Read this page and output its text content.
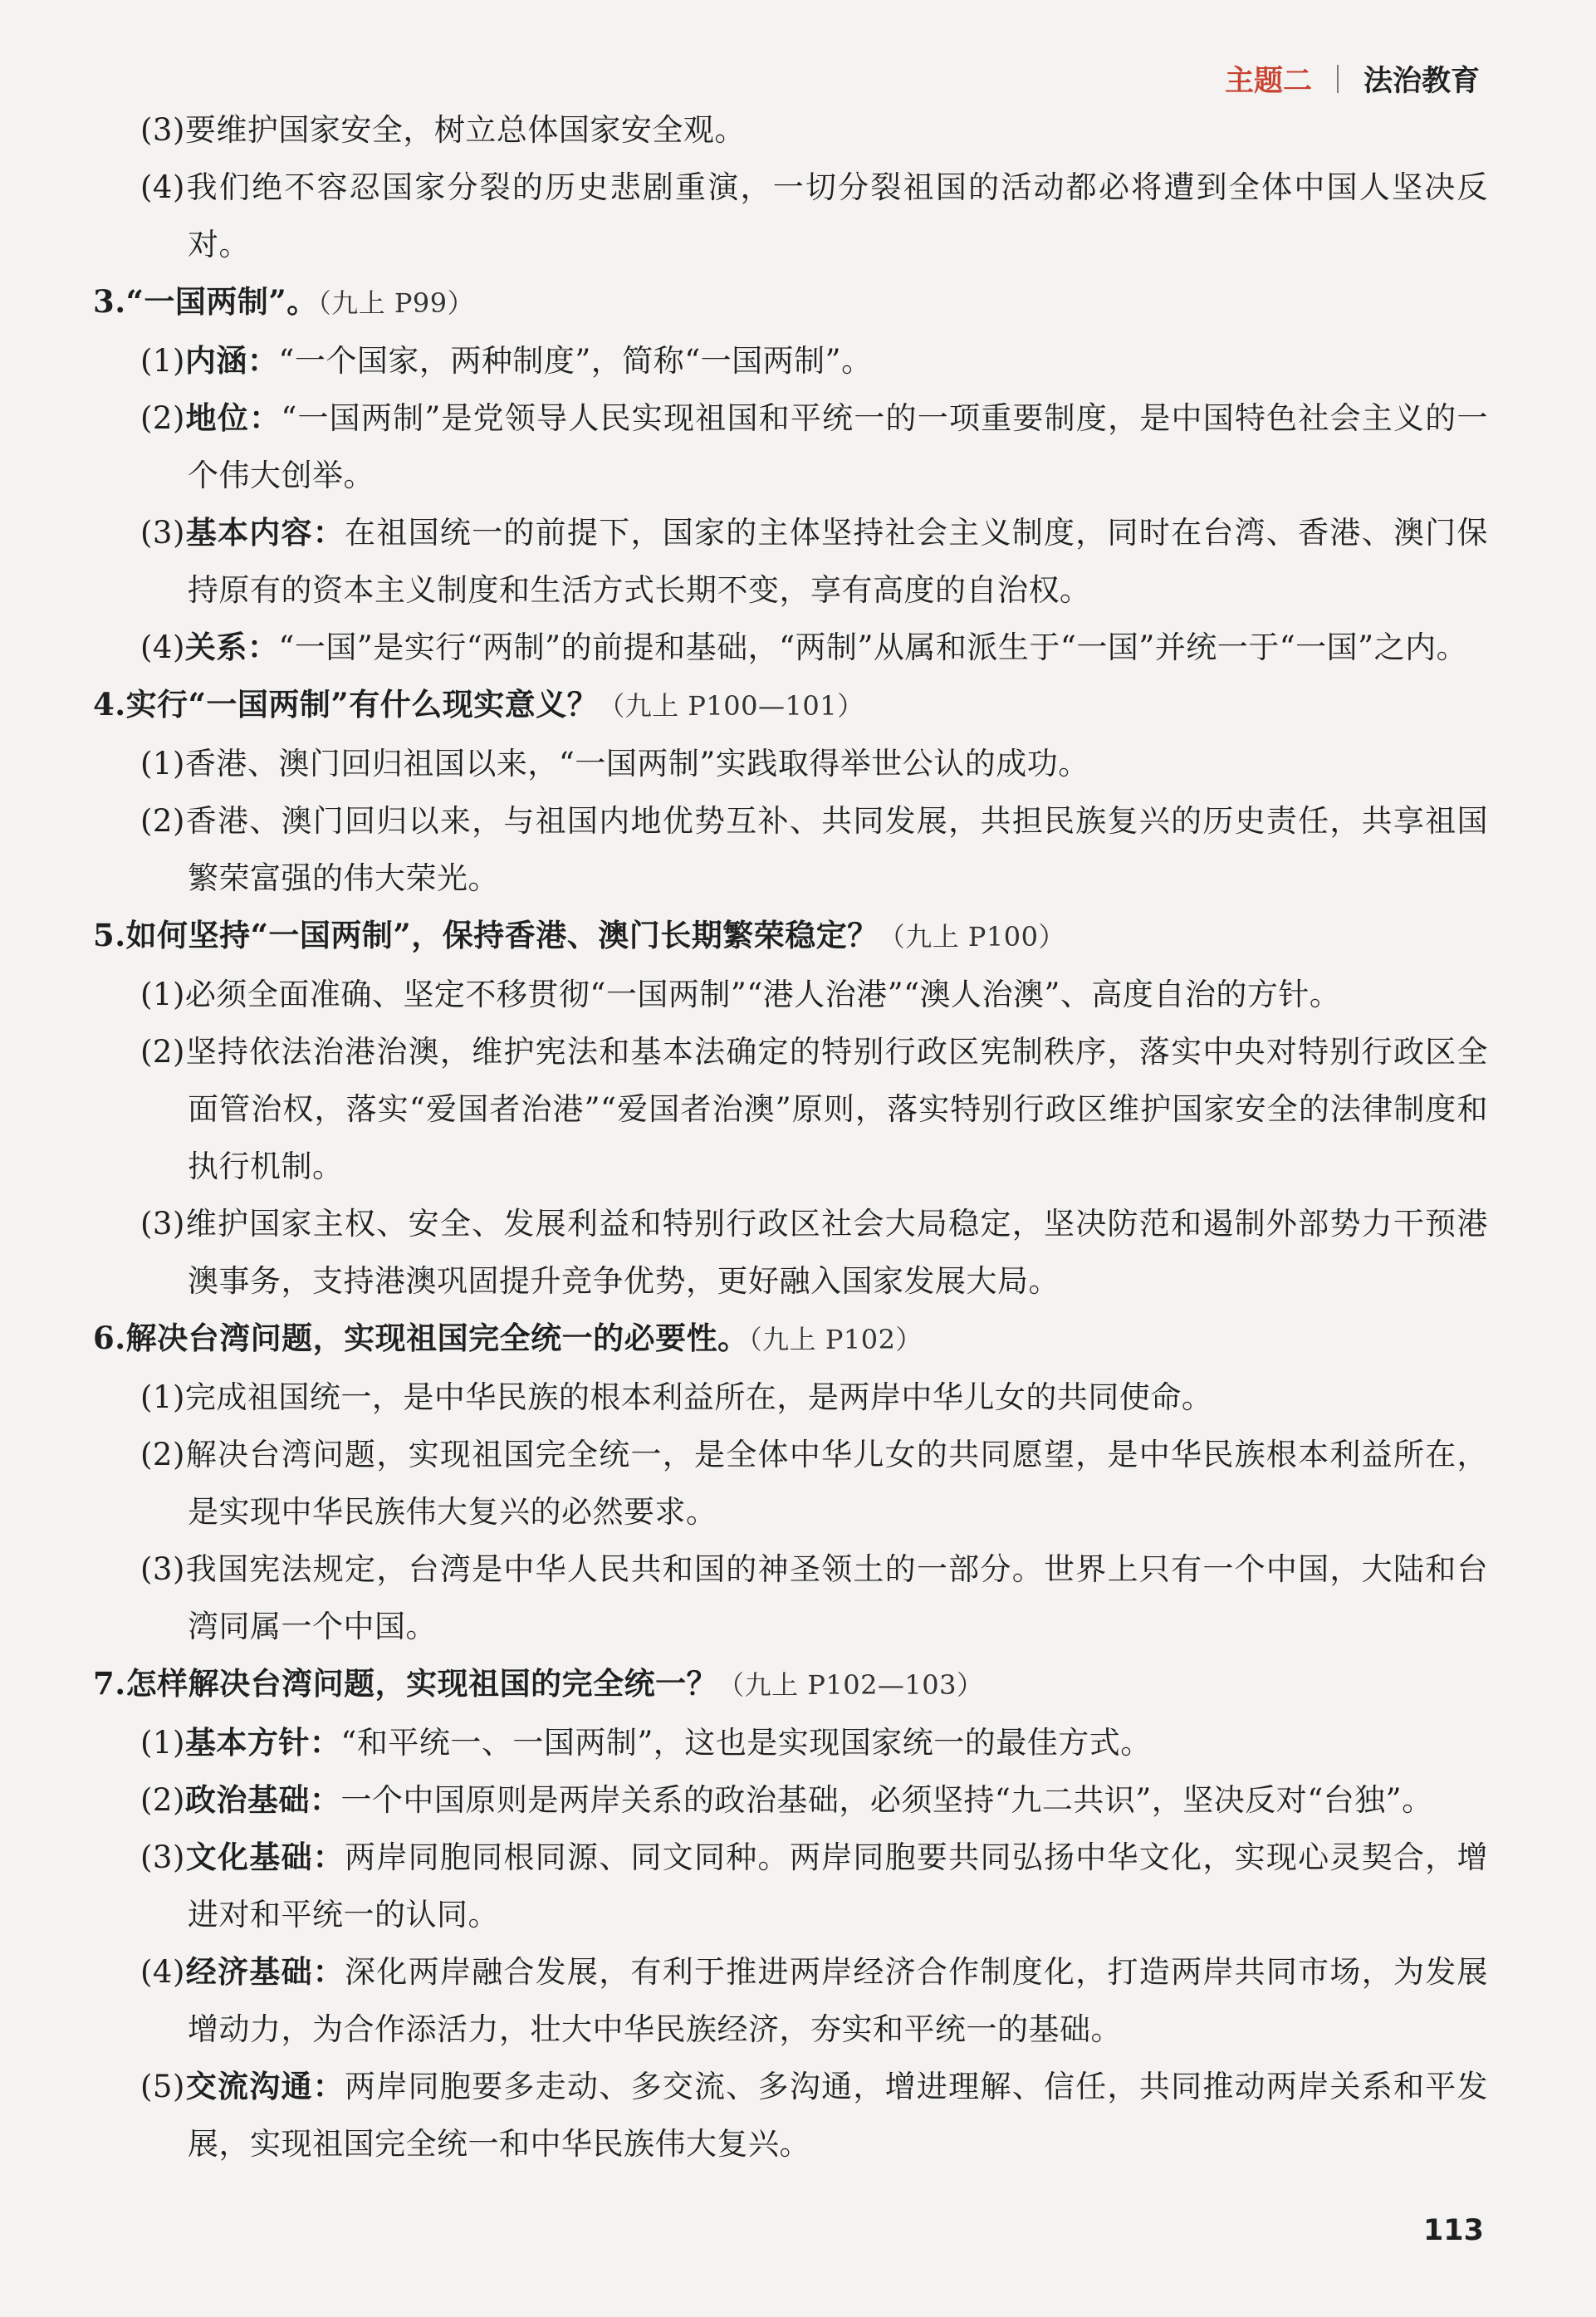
主题二 法治教育
(3)要维护国家安全，树立总体国家安全观。
(4)我们绝不容忍国家分裂的历史悲剧重演，一切分裂祖国的活动都必将遭到全体中国人坚决反对。
3.“一国两制”。（九上 P99）
(1)内涵：“一个国家，两种制度”，简称“一国两制”。
(2)地位：“一国两制”是党领导人民实现祖国和平统一的一项重要制度，是中国特色社会主义的一个伟大创举。
(3)基本内容：在祖国统一的前提下，国家的主体坚持社会主义制度，同时在台湾、香港、澳门保持原有的资本主义制度和生活方式长期不变，享有高度的自治权。
(4)关系：“一国”是实行“两制”的前提和基础，“两制”从属和派生于“一国”并统一于“一国”之内。
4.实行“一国两制”有什么现实意义？（九上 P100—101）
(1)香港、澳门回归祖国以来，“一国两制”实践取得举世公认的成功。
(2)香港、澳门回归以来，与祖国内地优势互补、共同发展，共担民族复兴的历史责任，共享祖国繁荣富强的伟大荣光。
5.如何坚持“一国两制”，保持香港、澳门长期繁荣稳定？（九上 P100）
(1)必须全面准确、坚定不移贯彻“一国两制”“港人治港”“澳人治澳”、高度自治的方针。
(2)坚持依法治港治澳，维护宪法和基本法确定的特别行政区宪制秩序，落实中央对特别行政区全面管治权，落实“爱国者治港”“爱国者治澳”原则，落实特别行政区维护国家安全的法律制度和执行机制。
(3)维护国家主权、安全、发展利益和特别行政区社会大局稳定，坚决防范和遏制外部势力干预港澳事务，支持港澳巩固提升竞争优势，更好融入国家发展大局。
6.解决台湾问题，实现祖国完全统一的必要性。（九上 P102）
(1)完成祖国统一，是中华民族的根本利益所在，是两岸中华儿女的共同使命。
(2)解决台湾问题，实现祖国完全统一，是全体中华儿女的共同愿望，是中华民族根本利益所在，是实现中华民族伟大复兴的必然要求。
(3)我国宪法规定，台湾是中华人民共和国的神圣领土的一部分。世界上只有一个中国，大陆和台湾同属一个中国。
7.怎样解决台湾问题，实现祖国的完全统一？（九上 P102—103）
(1)基本方针：“和平统一、一国两制”，这也是实现国家统一的最佳方式。
(2)政治基础：一个中国原则是两岸关系的政治基础，必须坚持“九二共识”，坚决反对“台独”。
(3)文化基础：两岸同胞同根同源、同文同种。两岸同胞要共同弘扬中华文化，实现心灵契合，增进对和平统一的认同。
(4)经济基础：深化两岸融合发展，有利于推进两岸经济合作制度化，打造两岸共同市场，为发展增动力，为合作添活力，壮大中华民族经济，夯实和平统一的基础。
(5)交流沟通：两岸同胞要多走动、多交流、多沟通，增进理解、信任，共同推动两岸关系和平发展，实现祖国完全统一和中华民族伟大复兴。
113
